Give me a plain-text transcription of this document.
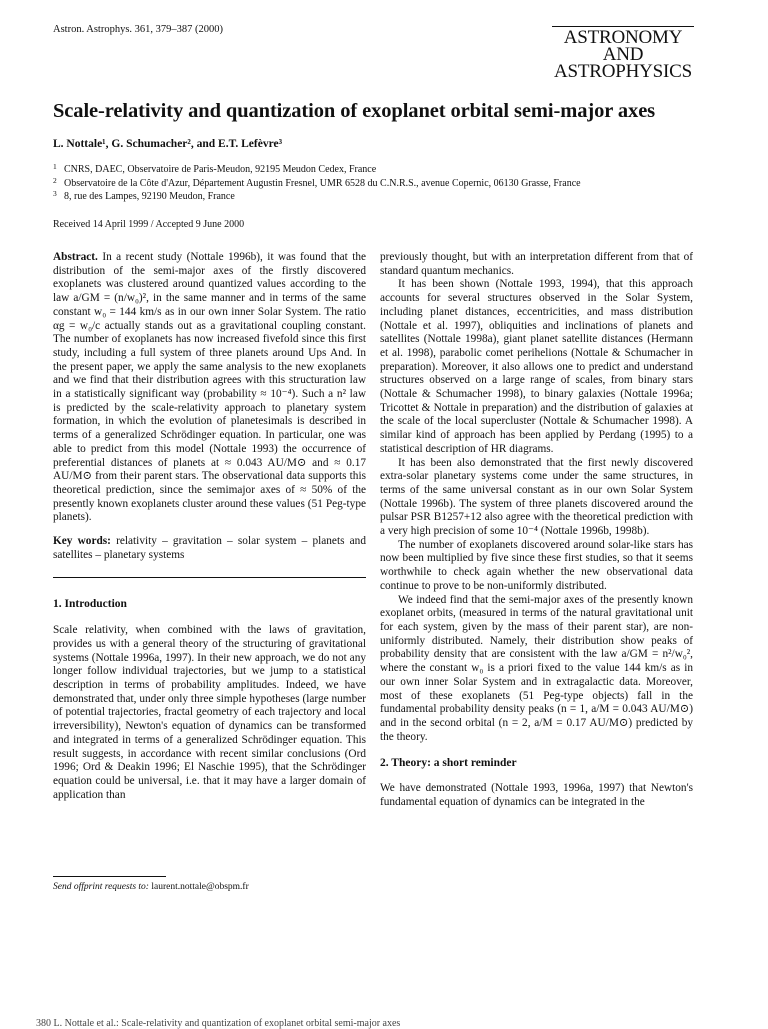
Astron. Astrophys. 361, 379–387 (2000)	ASTRONOMY
AND
ASTROPHYSICS
Scale-relativity and quantization of exoplanet orbital semi-major axes
L. Nottale¹, G. Schumacher², and E.T. Lefèvre³
1 CNRS, DAEC, Observatoire de Paris-Meudon, 92195 Meudon Cedex, France
2 Observatoire de la Côte d'Azur, Département Augustin Fresnel, UMR 6528 du C.N.R.S., avenue Copernic, 06130 Grasse, France
3 8, rue des Lampes, 92190 Meudon, France
Received 14 April 1999 / Accepted 9 June 2000

Abstract. In a recent study (Nottale 1996b), it was found that the distribution of the semi-major axes of the firstly discovered exoplanets was clustered around quantized values according to the law a/GM = (n/w₀)², in the same manner and in terms of the same constant w₀ = 144 km/s as in our own inner Solar System. The ratio αg = w₀/c actually stands out as a gravitational coupling constant. The number of exoplanets has now increased fivefold since this first study, including a full system of three planets around Ups And. In the present paper, we apply the same analysis to the new exoplanets and we find that their distribution agrees with this structuration law in a statistically significant way (probability ≈ 10⁻⁴). Such a n² law is predicted by the scale-relativity approach to planetary system formation, in which the evolution of planetesimals is described in terms of a generalized Schrödinger equation. In particular, one was able to predict from this model (Nottale 1993) the occurrence of preferential distances of planets at ≈ 0.043 AU/M⊙ and ≈ 0.17 AU/M⊙ from their parent stars. The observational data supports this theoretical prediction, since the semimajor axes of ≈ 50% of the presently known exoplanets cluster around these values (51 Peg-type planets).

Key words: relativity – gravitation – solar system – planets and satellites – planetary systems

1. Introduction

Scale relativity, when combined with the laws of gravitation, provides us with a general theory of the structuring of gravitational systems (Nottale 1996a, 1997). In their new approach, we do not any longer follow individual trajectories, but we jump to a statistical description in terms of probability amplitudes. Indeed, we have demonstrated that, under only three simple hypotheses (large number of potential trajectories, fractal geometry of each trajectory and local irreversibility), Newton's equation of dynamics can be transformed and integrated in terms of a generalized Schrödinger equation. This result suggests, in accordance with recent similar conclusions (Ord 1996; Ord & Deakin 1996; El Naschie 1995), that the Schrödinger equation could be universal, i.e. that it may have a larger domain of application than

previously thought, but with an interpretation different from that of standard quantum mechanics.

It has been shown (Nottale 1993, 1994), that this approach accounts for several structures observed in the Solar System, including planet distances, eccentricities, and mass distribution (Nottale et al. 1997), obliquities and inclinations of planets and satellites (Nottale 1998a), giant planet satellite distances (Hermann et al. 1998), parabolic comet perihelions (Nottale & Schumacher in preparation). Moreover, it also allows one to predict and understand structures observed on a large range of scales, from binary stars (Nottale & Schumacher 1998), to binary galaxies (Nottale 1996a; Tricottet & Nottale in preparation) and the distribution of galaxies at the scale of the local supercluster (Nottale & Schumacher 1998). A similar kind of approach has been applied by Perdang (1995) to a statistical description of HR diagrams.

It has been also demonstrated that the first newly discovered extra-solar planetary systems come under the same structures, in terms of the same universal constant as in our own Solar System (Nottale 1996b). The system of three planets discovered around the pulsar PSR B1257+12 also agree with the theoretical prediction with a very high precision of some 10⁻⁴ (Nottale 1996b, 1998b).

The number of exoplanets discovered around solar-like stars has now been multiplied by five since these first studies, so that it seems worthwhile to check again whether the new observational data continue to prove to be non-uniformly distributed.

We indeed find that the semi-major axes of the presently known exoplanet orbits, (measured in terms of the natural gravitational unit for each system, given by the mass of their parent star), are non-uniformly distributed. Namely, their distribution show peaks of probability density that are consistent with the law a/GM = n²/w₀², where the constant w₀ is a priori fixed to the value 144 km/s as in our own inner Solar System and in extragalactic data. Moreover, most of these exoplanets (51 Peg-type objects) fall in the fundamental probability density peaks (n = 1, a/M = 0.043 AU/M⊙) and in the second orbital (n = 2, a/M = 0.17 AU/M⊙) predicted by the theory.

2. Theory: a short reminder

We have demonstrated (Nottale 1993, 1996a, 1997) that Newton's fundamental equation of dynamics can be integrated in the

Send offprint requests to: laurent.nottale@obspm.fr
380 L. Nottale et al.: Scale-relativity and quantization of exoplanet orbital semi-major axes
